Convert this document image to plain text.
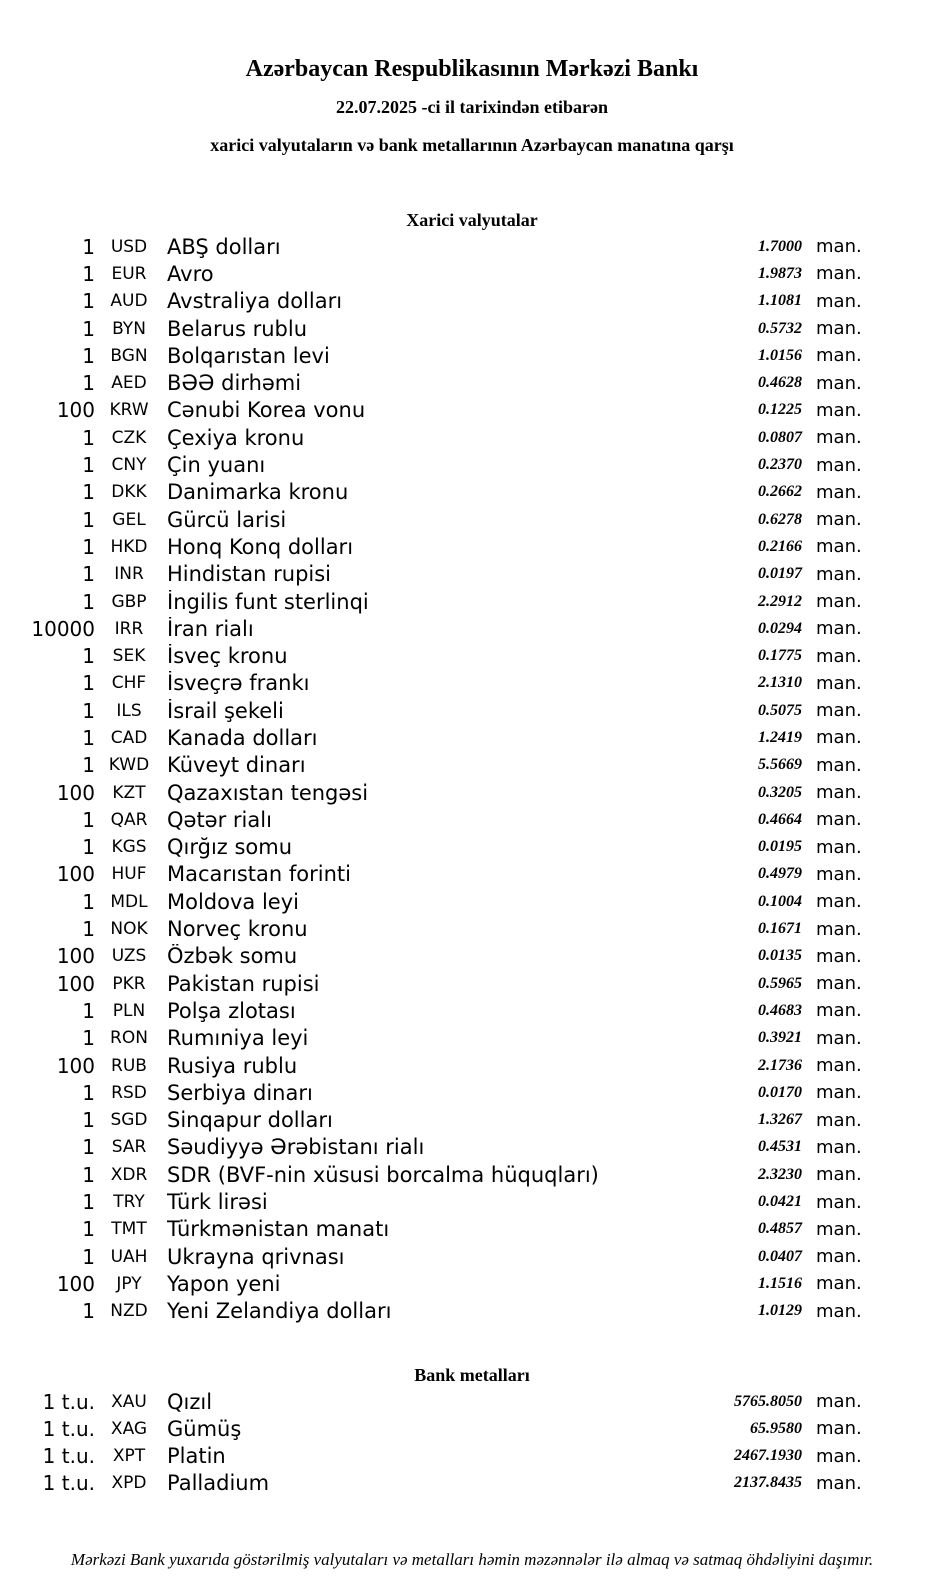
Azərbaycan Respublikasının Mərkəzi Bankı
22.07.2025 -ci il tarixindən etibarən
xarici valyutaların və bank metallarının Azərbaycan manatına qarşı
Xarici valyutalar
1 USD ABŞ dolları	1.7000 man.
1 EUR Avro	1.9873 man.
1 AUD Avstraliya dolları	1.1081 man.
1	BYN	Belarus rublu	0.5732 man.
1 BGN Bolqarıstan levi	1.0156 man.
1 AED BƏƏ dirhəmi	0.4628 man.
100 KRW Cənubi Korea vonu	0.1225 man.
1 CZK Çexiya kronu	0.0807 man.
1 CNY Çin yuanı	0.2370 man.
1 DKK Danimarka kronu	0.2662 man.
1	GEL	Gürcü larisi	0.6278 man.
1 HKD Honq Konq dolları	0.2166 man.
1	INR	Hindistan rupisi	0.0197 man.
1 GBP İngilis funt sterlinqi	2.2912 man.
10000	IRR	İran rialı	0.0294 man.
1	SEK	İsveç kronu	0.1775 man.
1 CHF İsveçrə frankı	2.1310 man.
1	ILS	İsrail şekeli	0.5075 man.
1 CAD Kanada dolları	1.2419 man.
1 KWD Küveyt dinarı	5.5669 man.
100	KZT	Qazaxıstan tengəsi	0.3205 man.
1 QAR Qətər rialı	0.4664 man.
1 KGS Qırğız somu	0.0195 man.
100 HUF Macarıstan forinti	0.4979 man.
1 MDL Moldova leyi	0.1004 man.
1 NOK Norveç kronu	0.1671 man.
100 UZS Özbək somu	0.0135 man.
100	PKR	Pakistan rupisi	0.5965 man.
1	PLN	Polşa zlotası	0.4683 man.
1 RON Rumıniya leyi	0.3921 man.
100 RUB Rusiya rublu	2.1736 man.
1 RSD Serbiya dinarı	0.0170 man.
1 SGD Sinqapur dolları	1.3267 man.
1 SAR Səudiyyə Ərəbistanı rialı	0.4531 man.
1 XDR SDR (BVF-nin xüsusi borcalma hüquqları)	2.3230 man.
1	TRY	Türk lirəsi	0.0421 man.
1 TMT Türkmənistan manatı	0.4857 man.
1 UAH Ukrayna qrivnası	0.0407 man.
100	JPY	Yapon yeni	1.1516 man.
1 NZD Yeni Zelandiya dolları	1.0129 man.
Bank metalları
1 t.u. XAU Qızıl	5765.8050 man.
1 t.u. XAG Gümüş	65.9580 man.
1 t.u.	XPT	Platin	2467.1930 man.
1 t.u. XPD Palladium	2137.8435 man.
Mərkəzi Bank yuxarıda göstərilmiş valyutaları və metalları həmin məzənnələr ilə almaq və satmaq öhdəliyini daşımır.
